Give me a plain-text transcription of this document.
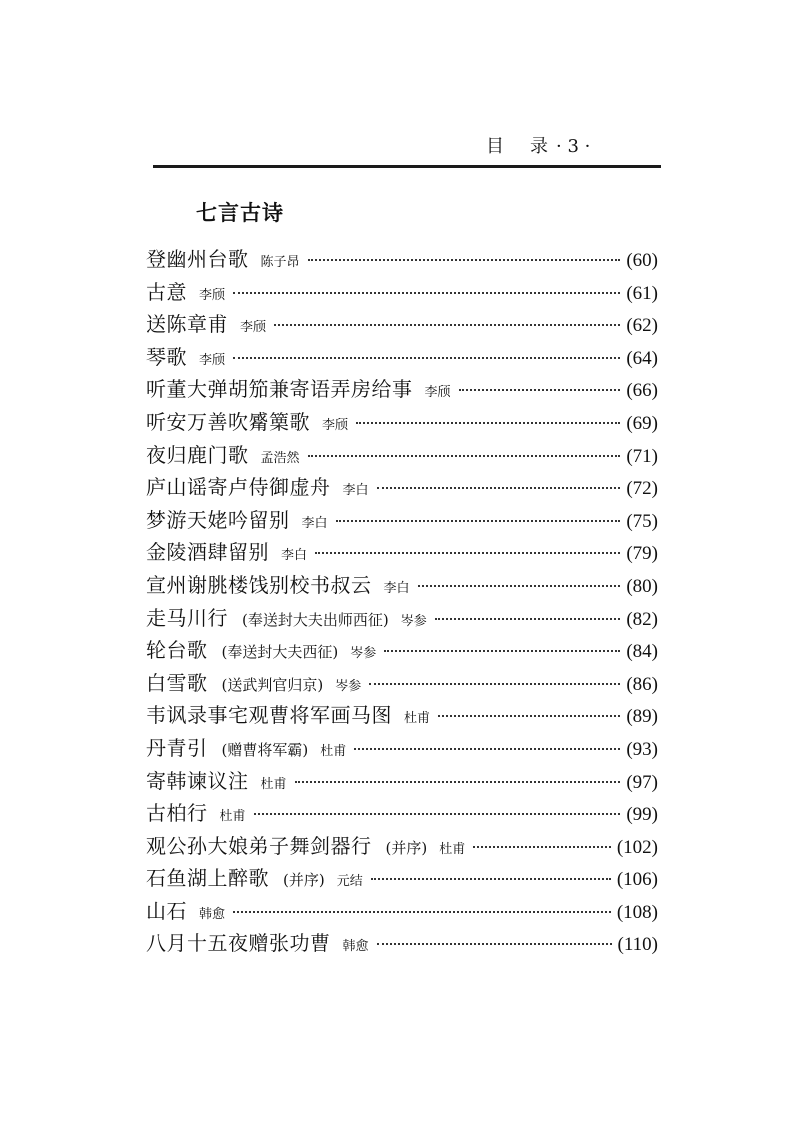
目 录 · 3 ·
七言古诗
登幽州台歌 陈子昂	(60)
古意 李颀	(61)
送陈章甫 李颀	(62)
琴歌 李颀	(64)
听董大弹胡笳兼寄语弄房给事 李颀	(66)
听安万善吹觱篥歌 李颀	(69)
夜归鹿门歌 孟浩然	(71)
庐山谣寄卢侍御虚舟 李白	(72)
梦游天姥吟留别 李白	(75)
金陵酒肆留别 李白	(79)
宣州谢朓楼饯别校书叔云 李白	(80)
走马川行 (奉送封大夫出师西征) 岑参	(82)
轮台歌 (奉送封大夫西征) 岑参	(84)
白雪歌 (送武判官归京) 岑参	(86)
韦讽录事宅观曹将军画马图 杜甫	(89)
丹青引 (赠曹将军霸) 杜甫	(93)
寄韩谏议注 杜甫	(97)
古柏行 杜甫	(99)
观公孙大娘弟子舞剑器行 (并序) 杜甫	(102)
石鱼湖上醉歌 (并序) 元结	(106)
山石 韩愈	(108)
八月十五夜赠张功曹 韩愈	(110)
